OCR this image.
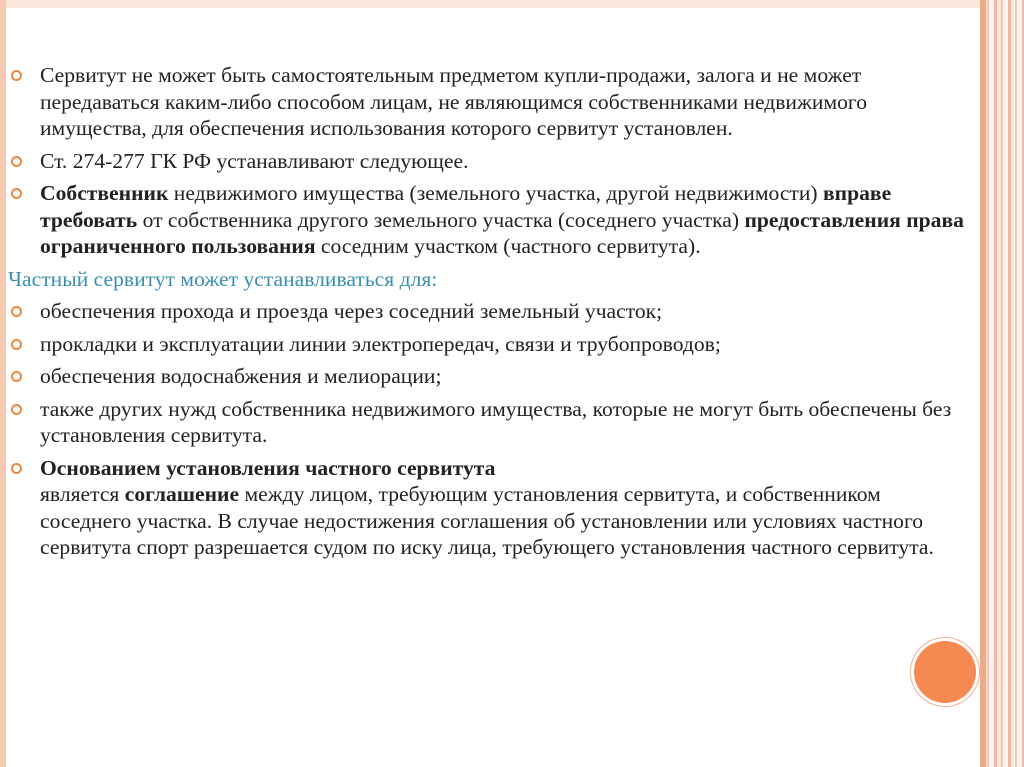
Сервитут не может быть самостоятельным предметом купли-продажи, залога и не может передаваться каким-либо способом лицам, не являющимся собственниками недвижимого имущества, для обеспечения использования которого сервитут установлен.
Ст. 274-277 ГК РФ устанавливают следующее.
Собственник недвижимого имущества (земельного участка, другой недвижимости) вправе требовать от собственника другого земельного участка (соседнего участка) предоставления права ограниченного пользования соседним участком (частного сервитута).
Частный сервитут может устанавливаться для:
обеспечения прохода и проезда через соседний земельный участок;
прокладки и эксплуатации линии электропередач, связи и трубопроводов;
обеспечения водоснабжения и мелиорации;
также других нужд собственника недвижимого имущества, которые не могут быть обеспечены без установления сервитута.
Основанием установления частного сервитута
является соглашение между лицом, требующим установления сервитута, и собственником соседнего участка. В случае недостижения соглашения об установлении или условиях частного сервитута спорт разрешается судом по иску лица, требующего установления частного сервитута.
